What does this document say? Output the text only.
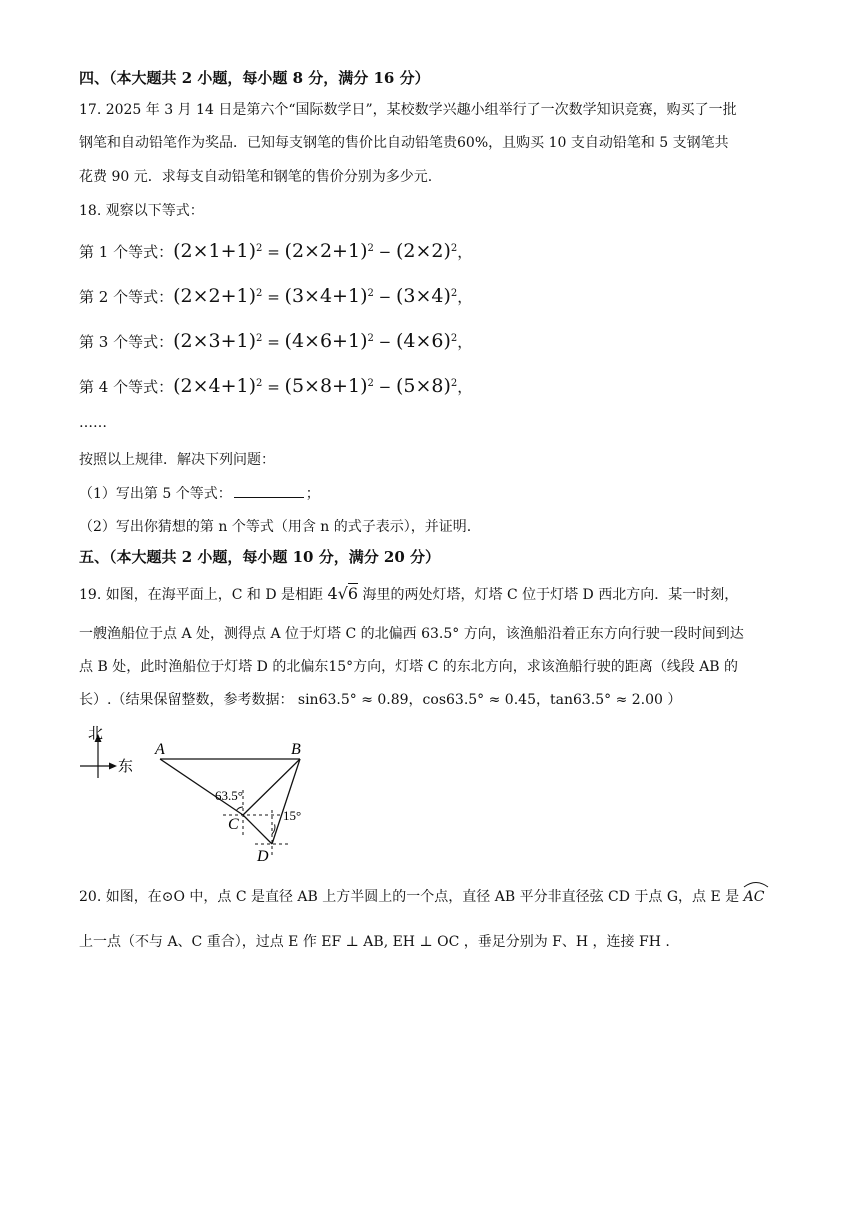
四、（本大题共 2 小题，每小题 8 分，满分 16 分）
17. 2025 年 3 月 14 日是第六个“国际数学日”，某校数学兴趣小组举行了一次数学知识竞赛，购买了一批
钢笔和自动铅笔作为奖品．已知每支钢笔的售价比自动铅笔贵60%，且购买 10 支自动铅笔和 5 支钢笔共
花费 90 元．求每支自动铅笔和钢笔的售价分别为多少元.
18. 观察以下等式：
第 1 个等式：$(2\times 1+1)^2 = (2\times 2+1)^2 - (2\times 2)^2$，
第 2 个等式：$(2\times 2+1)^2 = (3\times 4+1)^2 - (3\times 4)^2$，
第 3 个等式：$(2\times 3+1)^2 = (4\times 6+1)^2 - (4\times 6)^2$，
第 4 个等式：$(2\times 4+1)^2 = (5\times 8+1)^2 - (5\times 8)^2$，
……
按照以上规律．解决下列问题：
（1）写出第 5 个等式：	；
（2）写出你猜想的第 n 个等式（用含 n 的式子表示），并证明.
五、（本大题共 2 小题，每小题 10 分，满分 20 分）
19. 如图，在海平面上，C 和 D 是相距 4√6 海里的两处灯塔，灯塔 C 位于灯塔 D 西北方向．某一时刻，
一艘渔船位于点 A 处，测得点 A 位于灯塔 C 的北偏西 63.5° 方向，该渔船沿着正东方向行驶一段时间到达
点 B 处，此时渔船位于灯塔 D 的北偏东15°方向，灯塔 C 的东北方向，求该渔船行驶的距离（线段 AB 的
长）.（结果保留整数，参考数据： sin63.5° ≈ 0.89，cos63.5° ≈ 0.45，tan63.5° ≈ 2.00 ）
北
东
A	B
C
D
63.5°
15°
20. 如图，在⊙O 中，点 C 是直径 AB 上方半圆上的一个点，直径 AB 平分非直径弦 CD 于点 G，点 E 是 AC
上一点（不与 A、C 重合），过点 E 作 EF ⊥ AB, EH ⊥ OC ，垂足分别为 F、H ，连接 FH .
